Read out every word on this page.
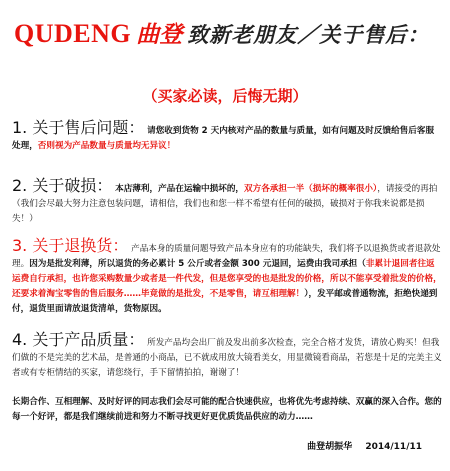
QUDENG 曲登 致新老朋友／关于售后：
（买家必读，后悔无期）
1. 关于售后问题： 请您收到货物 2 天内核对产品的数量与质量，如有问题及时反馈给售后客服处理，否则视为产品数量与质量均无异议！
2. 关于破损： 本店薄利，产品在运输中损坏的，双方各承担一半（损坏的概率很小），请接受的再拍（我们会尽最大努力注意包装问题，请相信，我们也和您一样不希望有任何的破损，破损对于你我来说都是损失！）
3. 关于退换货： 产品本身的质量问题导致产品本身应有的功能缺失，我们将予以退换货或者退款处理。因为是批发利薄，所以退货的务必累计 5 公斤或者金额 300 元退回，运费由我司承担（非累计退回者往返运费自行承担，也许您采购数量少或者是一件代发，但是您享受的也是批发的价格，所以不能享受着批发的价格，还要求着淘宝零售的售后服务……毕竟做的是批发，不是零售，请互相理解！），发平邮或普通物流，拒绝快递到付，退货里面请放退货清单，货物原因。
4. 关于产品质量： 所发产品均会出厂前及发出前多次检查，完全合格才发货，请放心购买！但我们做的不是完美的艺术品，是普通的小商品，已不就成用放大镜看美女，用显微镜看商品，若您是十足的完美主义者或有专柜情结的买家，请您绕行，手下留情拍拍，谢谢了！
长期合作、互相理解、及时好评的同志我们会尽可能的配合快速供应，也将优先考虑持续、双赢的深入合作。您的每一个好评，都是我们继续前进和努力不断寻找更好更优质货品供应的动力……
曲登胡振华 2014/11/11
